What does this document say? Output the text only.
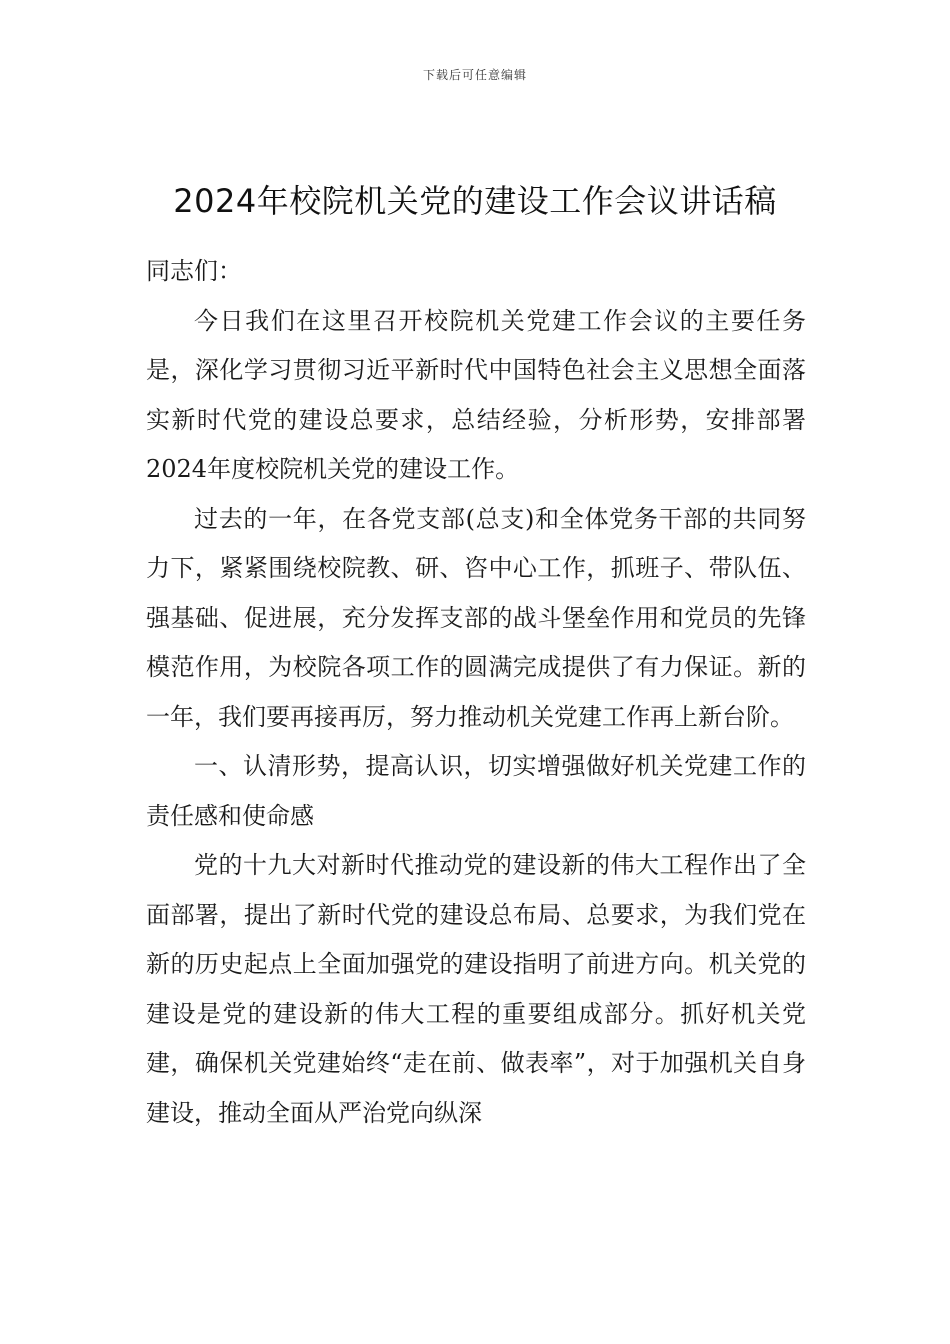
下载后可任意编辑
2024年校院机关党的建设工作会议讲话稿

同志们：

今日我们在这里召开校院机关党建工作会议的主要任务是，深化学习贯彻习近平新时代中国特色社会主义思想全面落实新时代党的建设总要求，总结经验，分析形势，安排部署2024年度校院机关党的建设工作。

过去的一年，在各党支部(总支)和全体党务干部的共同努力下，紧紧围绕校院教、研、咨中心工作，抓班子、带队伍、强基础、促进展，充分发挥支部的战斗堡垒作用和党员的先锋模范作用，为校院各项工作的圆满完成提供了有力保证。新的一年，我们要再接再厉，努力推动机关党建工作再上新台阶。

一、认清形势，提高认识，切实增强做好机关党建工作的责任感和使命感

党的十九大对新时代推动党的建设新的伟大工程作出了全面部署，提出了新时代党的建设总布局、总要求，为我们党在新的历史起点上全面加强党的建设指明了前进方向。机关党的建设是党的建设新的伟大工程的重要组成部分。抓好机关党建，确保机关党建始终“走在前、做表率”，对于加强机关自身建设，推动全面从严治党向纵深
